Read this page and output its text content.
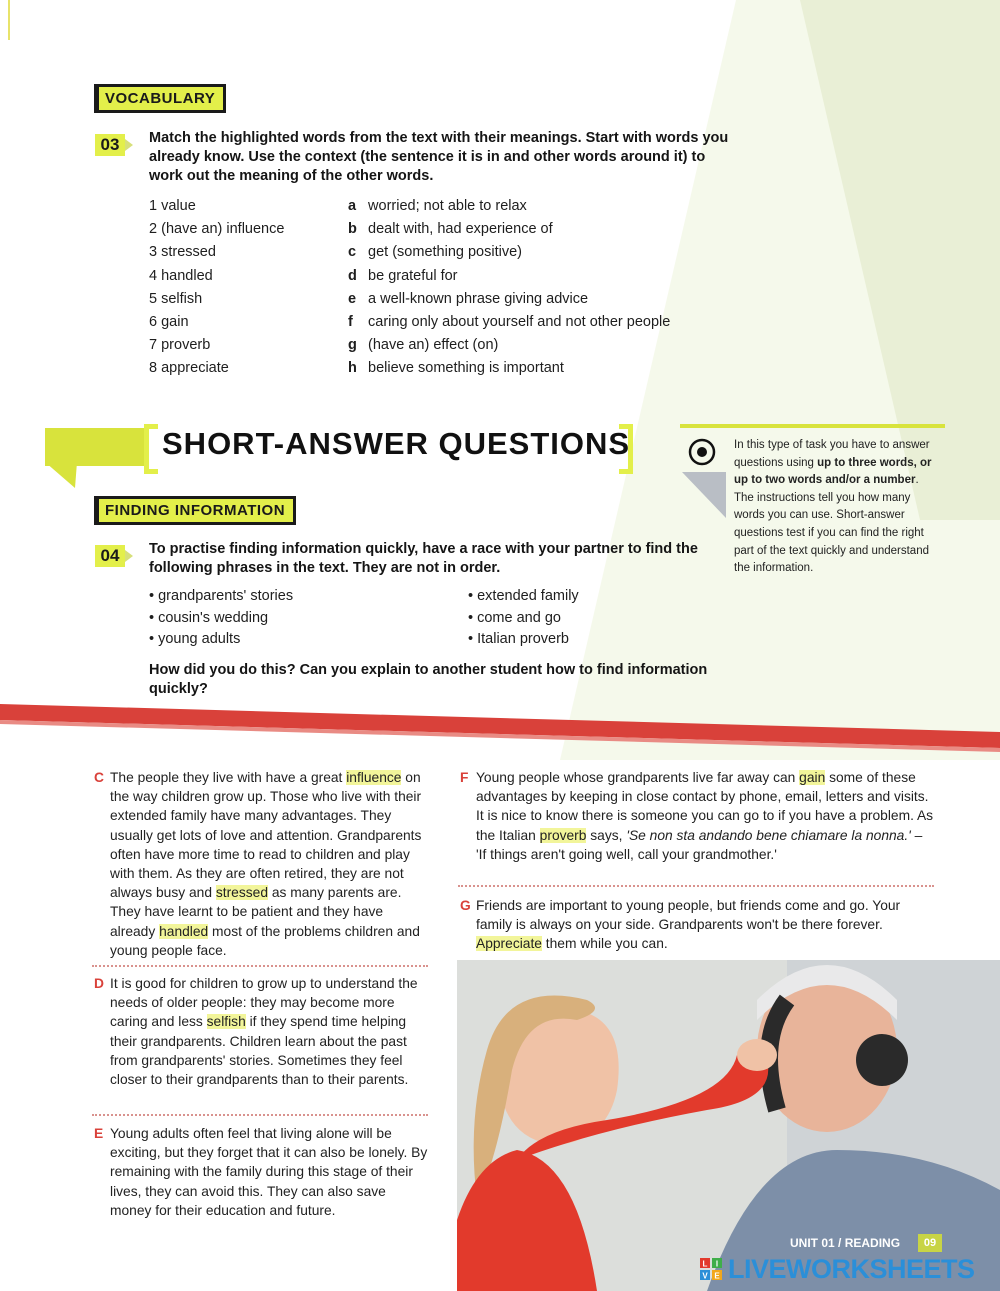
VOCABULARY
03	Match the highlighted words from the text with their meanings. Start with words you already know. Use the context (the sentence it is in and other words around it) to work out the meaning of the other words.
1 value	a worried; not able to relax
2 (have an) influence	b dealt with, had experience of
3 stressed	c get (something positive)
4 handled	d be grateful for
5 selfish	e a well-known phrase giving advice
6 gain	f caring only about yourself and not other people
7 proverb	g (have an) effect (on)
8 appreciate	h believe something is important
SHORT-ANSWER QUESTIONS	In this type of task you have to answer questions using up to three words, or up to two words and/or a number. The instructions tell you how many words you can use. Short-answer questions test if you can find the right part of the text quickly and understand the information.
FINDING INFORMATION
04	To practise finding information quickly, have a race with your partner to find the following phrases in the text. They are not in order.
• grandparents' stories
• cousin's wedding
• young adults
• extended family
• come and go
• Italian proverb
How did you do this? Can you explain to another student how to find information quickly?
C The people they live with have a great influence on the way children grow up. Those who live with their extended family have many advantages. They usually get lots of love and attention. Grandparents often have more time to read to children and play with them. As they are often retired, they are not always busy and stressed as many parents are. They have learnt to be patient and they have already handled most of the problems children and young people face.
D It is good for children to grow up to understand the needs of older people: they may become more caring and less selfish if they spend time helping their grandparents. Children learn about the past from grandparents' stories. Sometimes they feel closer to their grandparents than to their parents.
E Young adults often feel that living alone will be exciting, but they forget that it can also be lonely. By remaining with the family during this stage of their lives, they can avoid this. They can also save money for their education and future.
F Young people whose grandparents live far away can gain some of these advantages by keeping in close contact by phone, email, letters and visits. It is nice to know there is someone you can go to if you have a problem. As the Italian proverb says, 'Se non sta andando bene chiamare la nonna.' – 'If things aren't going well, call your grandmother.'
G Friends are important to young people, but friends come and go. Your family is always on your side. Grandparents won't be there forever. Appreciate them while you can.
UNIT 01 / READING	09
L I
V E LIVEWORKSHEETS
